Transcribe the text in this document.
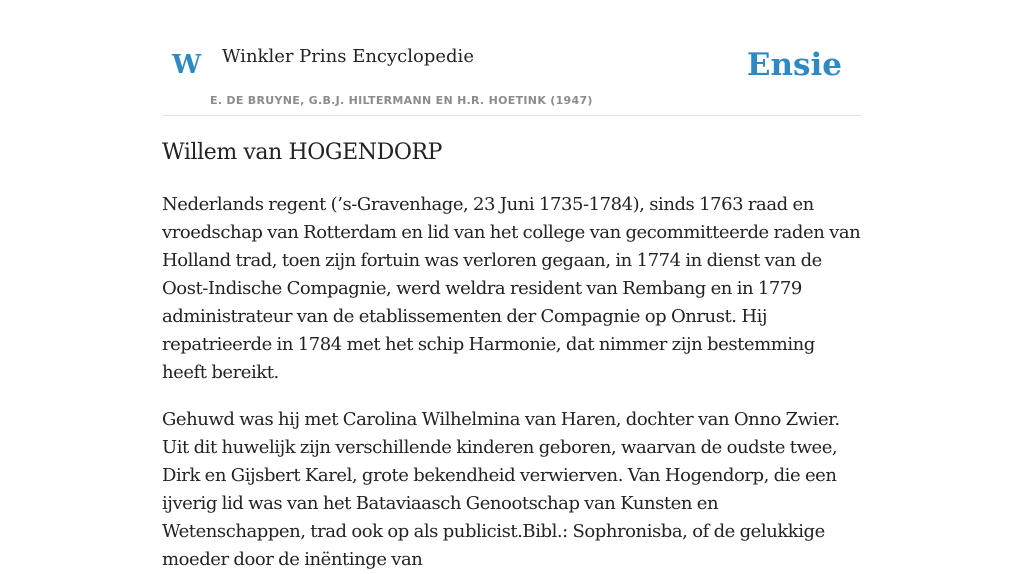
W Winkler Prins Encyclopedie
E. DE BRUYNE, G.B.J. HILTERMANN EN H.R. HOETINK (1947)
Ensie
Willem van HOGENDORP

Nederlands regent (’s-Gravenhage, 23 Juni 1735-1784), sinds 1763 raad en vroedschap van Rotterdam en lid van het college van gecommitteerde raden van Holland trad, toen zijn fortuin was verloren gegaan, in 1774 in dienst van de Oost-Indische Compagnie, werd weldra resident van Rembang en in 1779 administrateur van de etablissementen der Compagnie op Onrust. Hij repatrieerde in 1784 met het schip Harmonie, dat nimmer zijn bestemming heeft bereikt.

Gehuwd was hij met Carolina Wilhelmina van Haren, dochter van Onno Zwier. Uit dit huwelijk zijn verschillende kinderen geboren, waarvan de oudste twee, Dirk en Gijsbert Karel, grote bekendheid verwierven. Van Hogendorp, die een ijverig lid was van het Bataviaasch Genootschap van Kunsten en Wetenschappen, trad ook op als publicist.Bibl.: Sophronisba, of de gelukkige moeder door de inëntinge van
